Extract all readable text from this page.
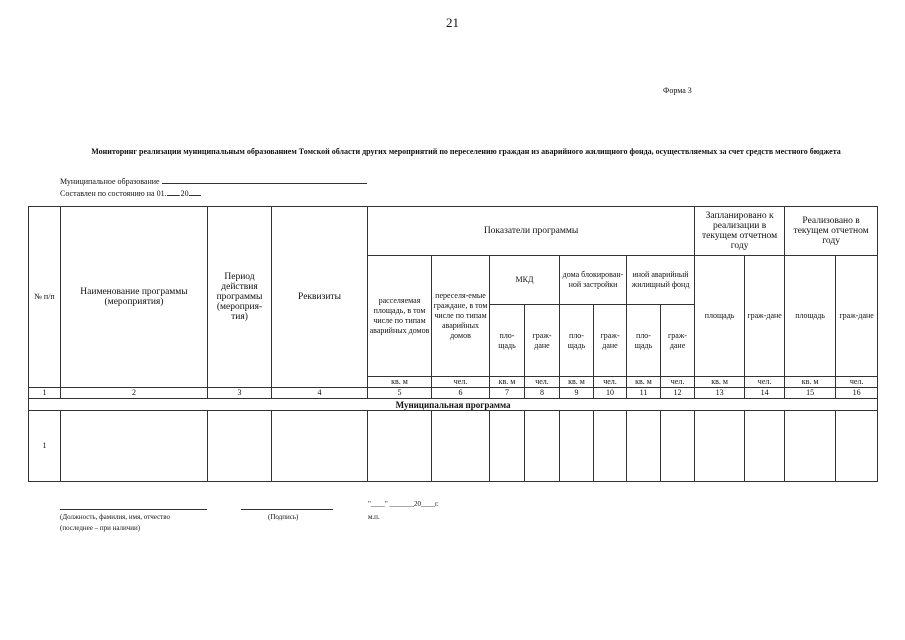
21
Форма 3
Мониторинг реализации муниципальным образованием Томской области других мероприятий по переселению граждан из аварийного жилищного фонда, осуществляемых за счет средств местного бюджета
Муниципальное образование
Составлен по состоянию на 01. .20
№ п/п	Наименование программы (мероприятия)	Период действия программы (мероприя-тия)	Реквизиты	Показатели программы								Запланировано к реализации в текущем отчетном году		Реализовано в текущем отчетном году	
				расселяемая площадь, в том числе по типам аварийных домов	переселя-емые граждане, в том числе по типам аварийных домов	МКД		дома блокирован-ной застройки		иной аварийный жилищный фонд		площадь	граж-дане	площадь	граж-дане
						пло-щадь	граж-дане	пло-щадь	граж-дане	пло-щадь	граж-дане				
				кв. м	чел.	кв. м	чел.	кв. м	чел.	кв. м	чел.	кв. м	чел.	кв. м	чел.
1	2	3	4	5	6	7	8	9	10	11	12	13	14	15	16
Муниципальная программа															
1															
"____" _______20____г.
(Должность, фамилия, имя, отчество	(Подпись)	м.п.
(последнее – при наличии)
